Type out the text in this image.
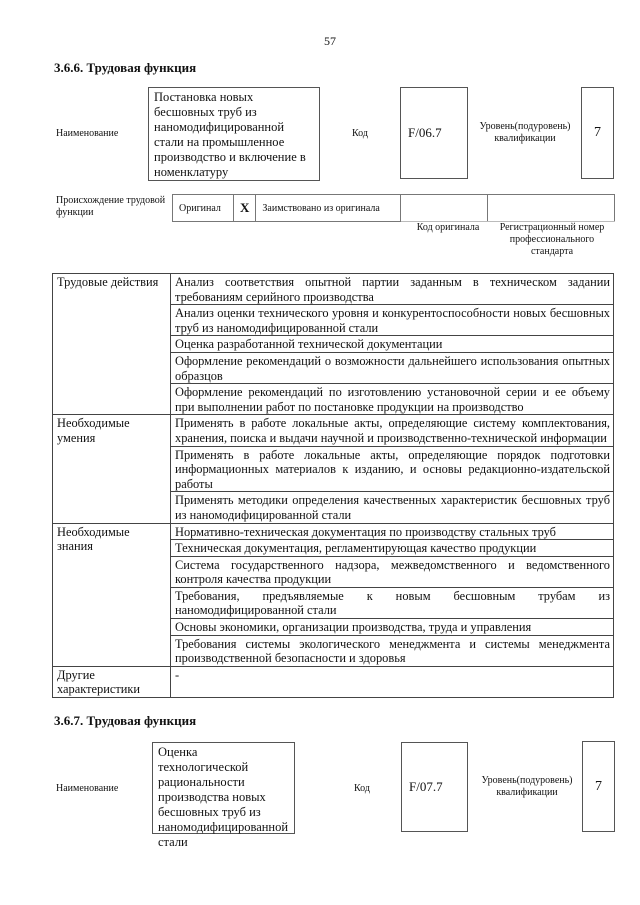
57
3.6.6. Трудовая функция
Наименование
Постановка новых бесшовных труб из наномодифицированной стали на промышленное производство и включение в номенклатуру
Код	F/06.7	Уровень(подуровень) квалификации	7
Происхождение трудовой функции	Оригинал	X	Заимствовано из оригинала		
Код оригинала	Регистрационный номер профессионального стандарта
Трудовые действия	Анализ соответствия опытной партии заданным в техническом задании требованиям серийного производства
	Анализ оценки технического уровня и конкурентоспособности новых бесшовных труб из наномодифицированной стали
	Оценка разработанной технической документации
	Оформление рекомендаций о возможности дальнейшего использования опытных образцов
	Оформление рекомендаций по изготовлению установочной серии и ее объему при выполнении работ по постановке продукции на производство
Необходимые умения	Применять в работе локальные акты, определяющие систему комплектования, хранения, поиска и выдачи научной и производственно-технической информации
	Применять в работе локальные акты, определяющие порядок подготовки информационных материалов к изданию, и основы редакционно-издательской работы
	Применять методики определения качественных характеристик бесшовных труб из наномодифицированной стали
Необходимые знания	Нормативно-техническая документация по производству стальных труб
	Техническая документация, регламентирующая качество продукции
	Система государственного надзора, межведомственного и ведомственного контроля качества продукции
	Требования, предъявляемые к новым бесшовным трубам из наномодифицированной стали
	Основы экономики, организации производства, труда и управления
	Требования системы экологического менеджмента и системы менеджмента производственной безопасности и здоровья
Другие характеристики	-
3.6.7. Трудовая функция
Наименование
Оценка технологической рациональности производства новых бесшовных труб из наномодифицированной стали
Код	F/07.7	Уровень(подуровень) квалификации	7
